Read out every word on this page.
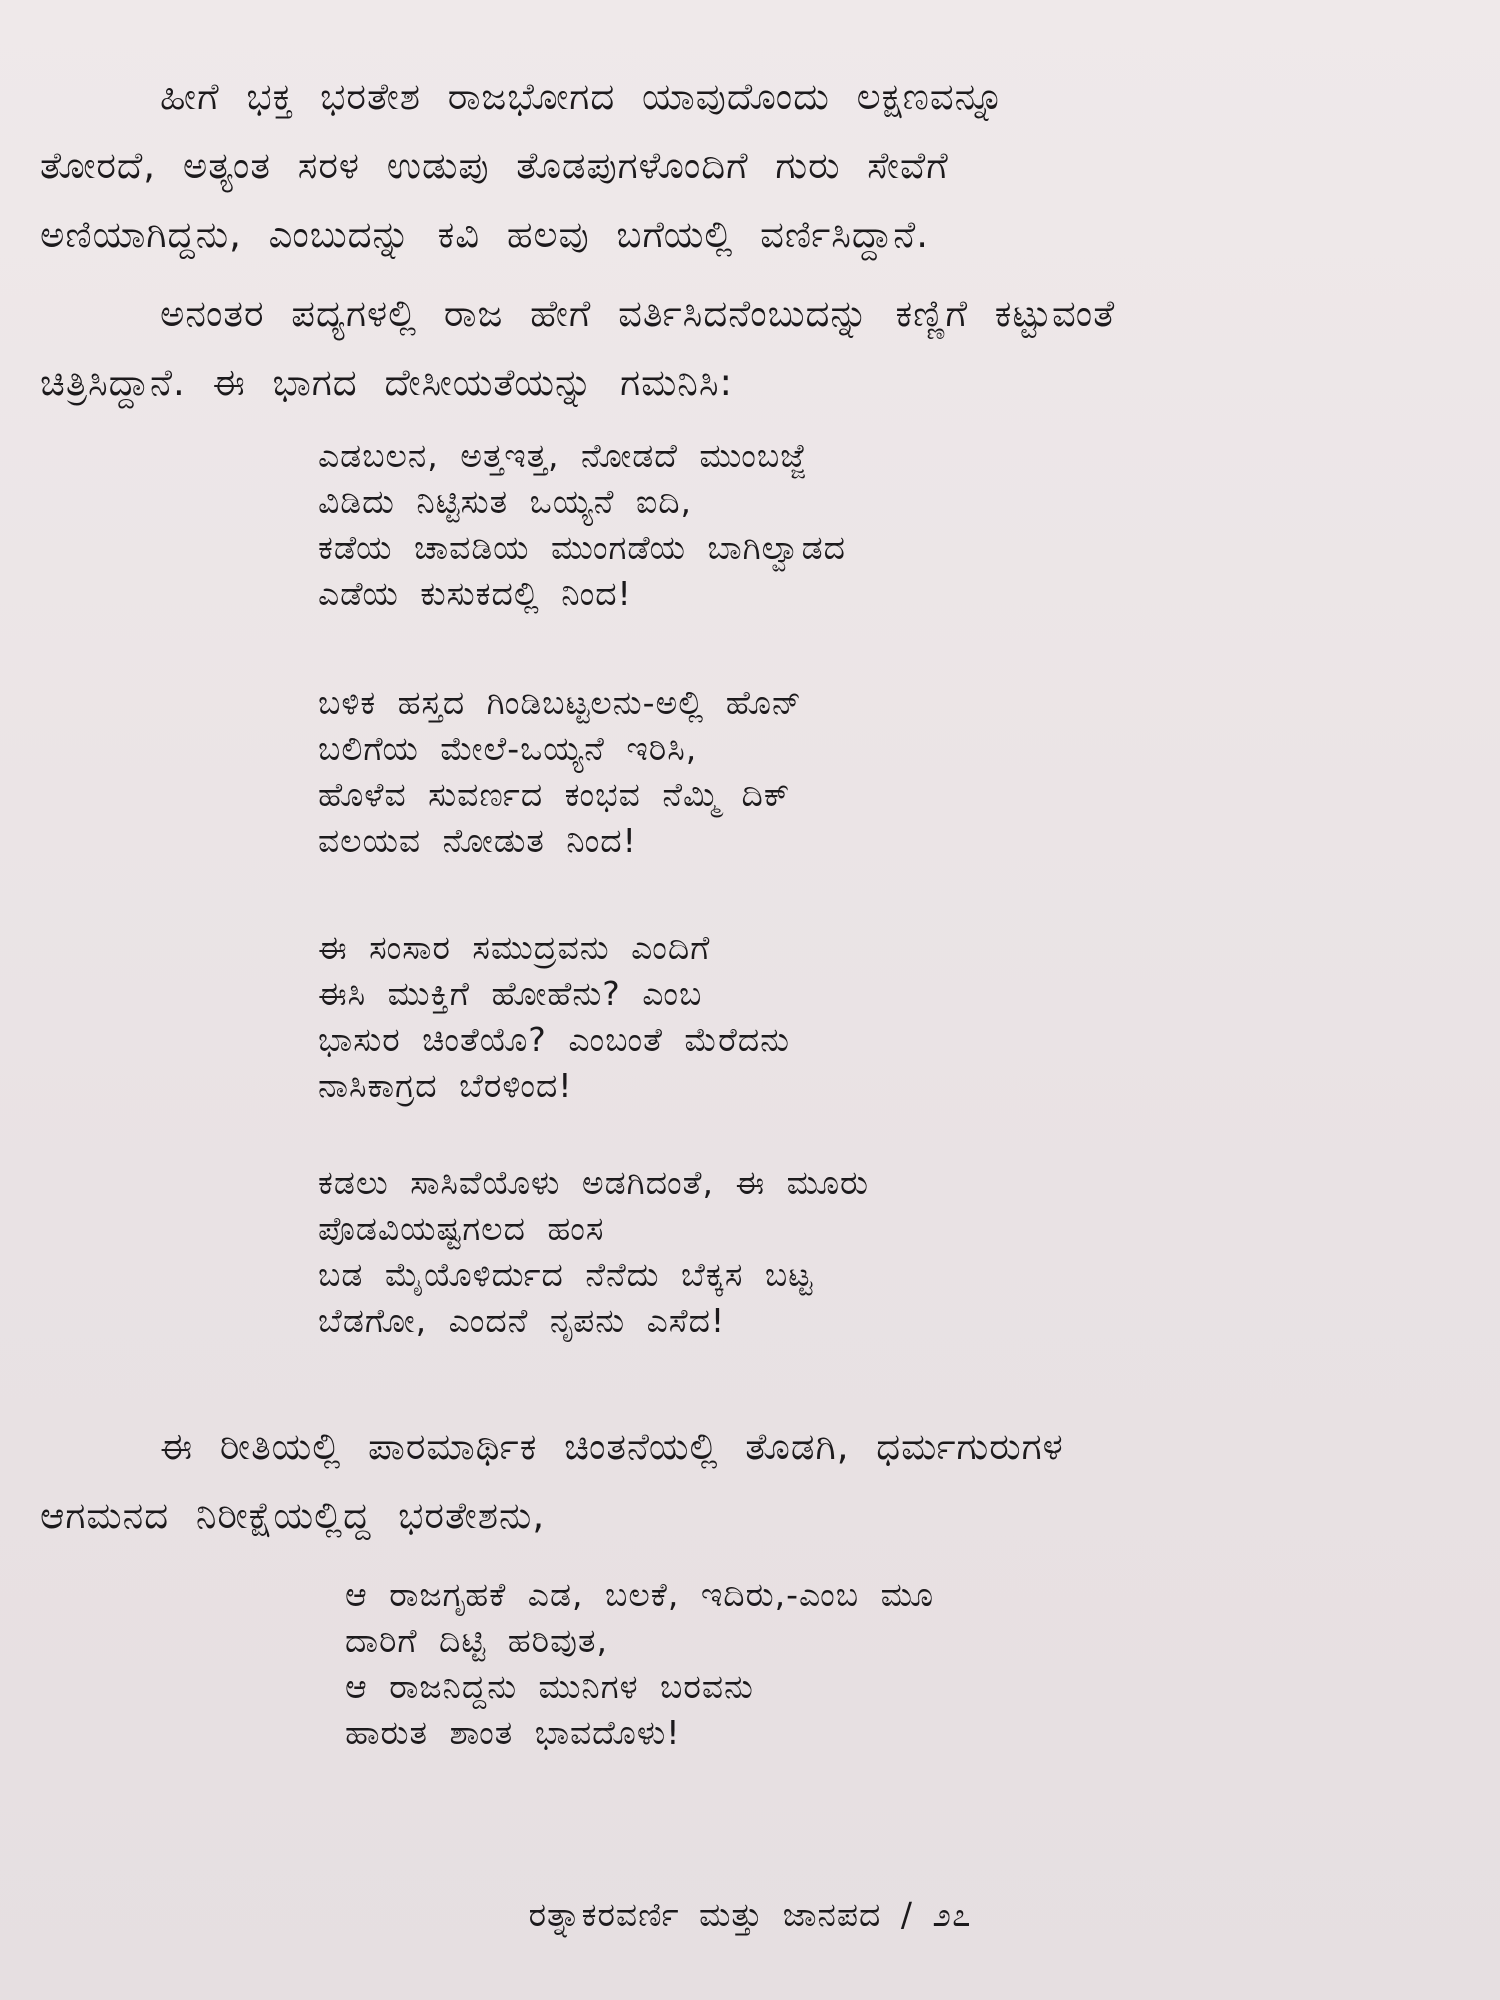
ಹೀಗೆ ಭಕ್ತ ಭರತೇಶ ರಾಜಭೋಗದ ಯಾವುದೊಂದು ಲಕ್ಷಣವನ್ನೂ
ತೋರದೆ, ಅತ್ಯಂತ ಸರಳ ಉಡುಪು ತೊಡಪುಗಳೊಂದಿಗೆ ಗುರು ಸೇವೆಗೆ
ಅಣಿಯಾಗಿದ್ದನು, ಎಂಬುದನ್ನು ಕವಿ ಹಲವು ಬಗೆಯಲ್ಲಿ ವರ್ಣಿಸಿದ್ದಾನೆ.

ಅನಂತರ ಪದ್ಯಗಳಲ್ಲಿ ರಾಜ ಹೇಗೆ ವರ್ತಿಸಿದನೆಂಬುದನ್ನು ಕಣ್ಣಿಗೆ ಕಟ್ಟುವಂತೆ
ಚಿತ್ರಿಸಿದ್ದಾನೆ. ಈ ಭಾಗದ ದೇಸೀಯತೆಯನ್ನು ಗಮನಿಸಿ:

ಎಡಬಲನ, ಅತ್ತಇತ್ತ, ನೋಡದೆ ಮುಂಬಜ್ಜೆ
ವಿಡಿದು ನಿಟ್ಟಿಸುತ ಒಯ್ಯನೆ ಐದಿ,
ಕಡೆಯ ಚಾವಡಿಯ ಮುಂಗಡೆಯ ಬಾಗಿಲ್ವಾಡದ
ಎಡೆಯ ಕುಸುಕದಲ್ಲಿ ನಿಂದ!
ಬಳಿಕ ಹಸ್ತದ ಗಿಂಡಿಬಟ್ಟಲನು-ಅಲ್ಲಿ ಹೊನ್
ಬಲಿಗೆಯ ಮೇಲೆ-ಒಯ್ಯನೆ ಇರಿಸಿ,
ಹೊಳೆವ ಸುವರ್ಣದ ಕಂಭವ ನೆಮ್ಮಿ ದಿಕ್
ವಲಯವ ನೋಡುತ ನಿಂದ!
ಈ ಸಂಸಾರ ಸಮುದ್ರವನು ಎಂದಿಗೆ
ಈಸಿ ಮುಕ್ತಿಗೆ ಹೋಹೆನು? ಎಂಬ
ಭಾಸುರ ಚಿಂತೆಯೊ? ಎಂಬಂತೆ ಮೆರೆದನು
ನಾಸಿಕಾಗ್ರದ ಬೆರಳಿಂದ!
ಕಡಲು ಸಾಸಿವೆಯೊಳು ಅಡಗಿದಂತೆ, ಈ ಮೂರು
ಪೊಡವಿಯಷ್ಟಗಲದ ಹಂಸ
ಬಡ ಮೈಯೊಳಿರ್ದುದ ನೆನೆದು ಬೆಕ್ಕಸ ಬಟ್ಟ
ಬೆಡಗೋ, ಎಂದನೆ ನೃಪನು ಎಸೆದ!

ಈ ರೀತಿಯಲ್ಲಿ ಪಾರಮಾರ್ಥಿಕ ಚಿಂತನೆಯಲ್ಲಿ ತೊಡಗಿ, ಧರ್ಮಗುರುಗಳ
ಆಗಮನದ ನಿರೀಕ್ಷೆಯಲ್ಲಿದ್ದ ಭರತೇಶನು,

ಆ ರಾಜಗೃಹಕೆ ಎಡ, ಬಲಕೆ, ಇದಿರು,-ಎಂಬ ಮೂ
ದಾರಿಗೆ ದಿಟ್ಟಿ ಹರಿವುತ,
ಆ ರಾಜನಿದ್ದನು ಮುನಿಗಳ ಬರವನು
ಹಾರುತ ಶಾಂತ ಭಾವದೊಳು!
ರತ್ನಾಕರವರ್ಣಿ ಮತ್ತು ಜಾನಪದ / ೨೭
